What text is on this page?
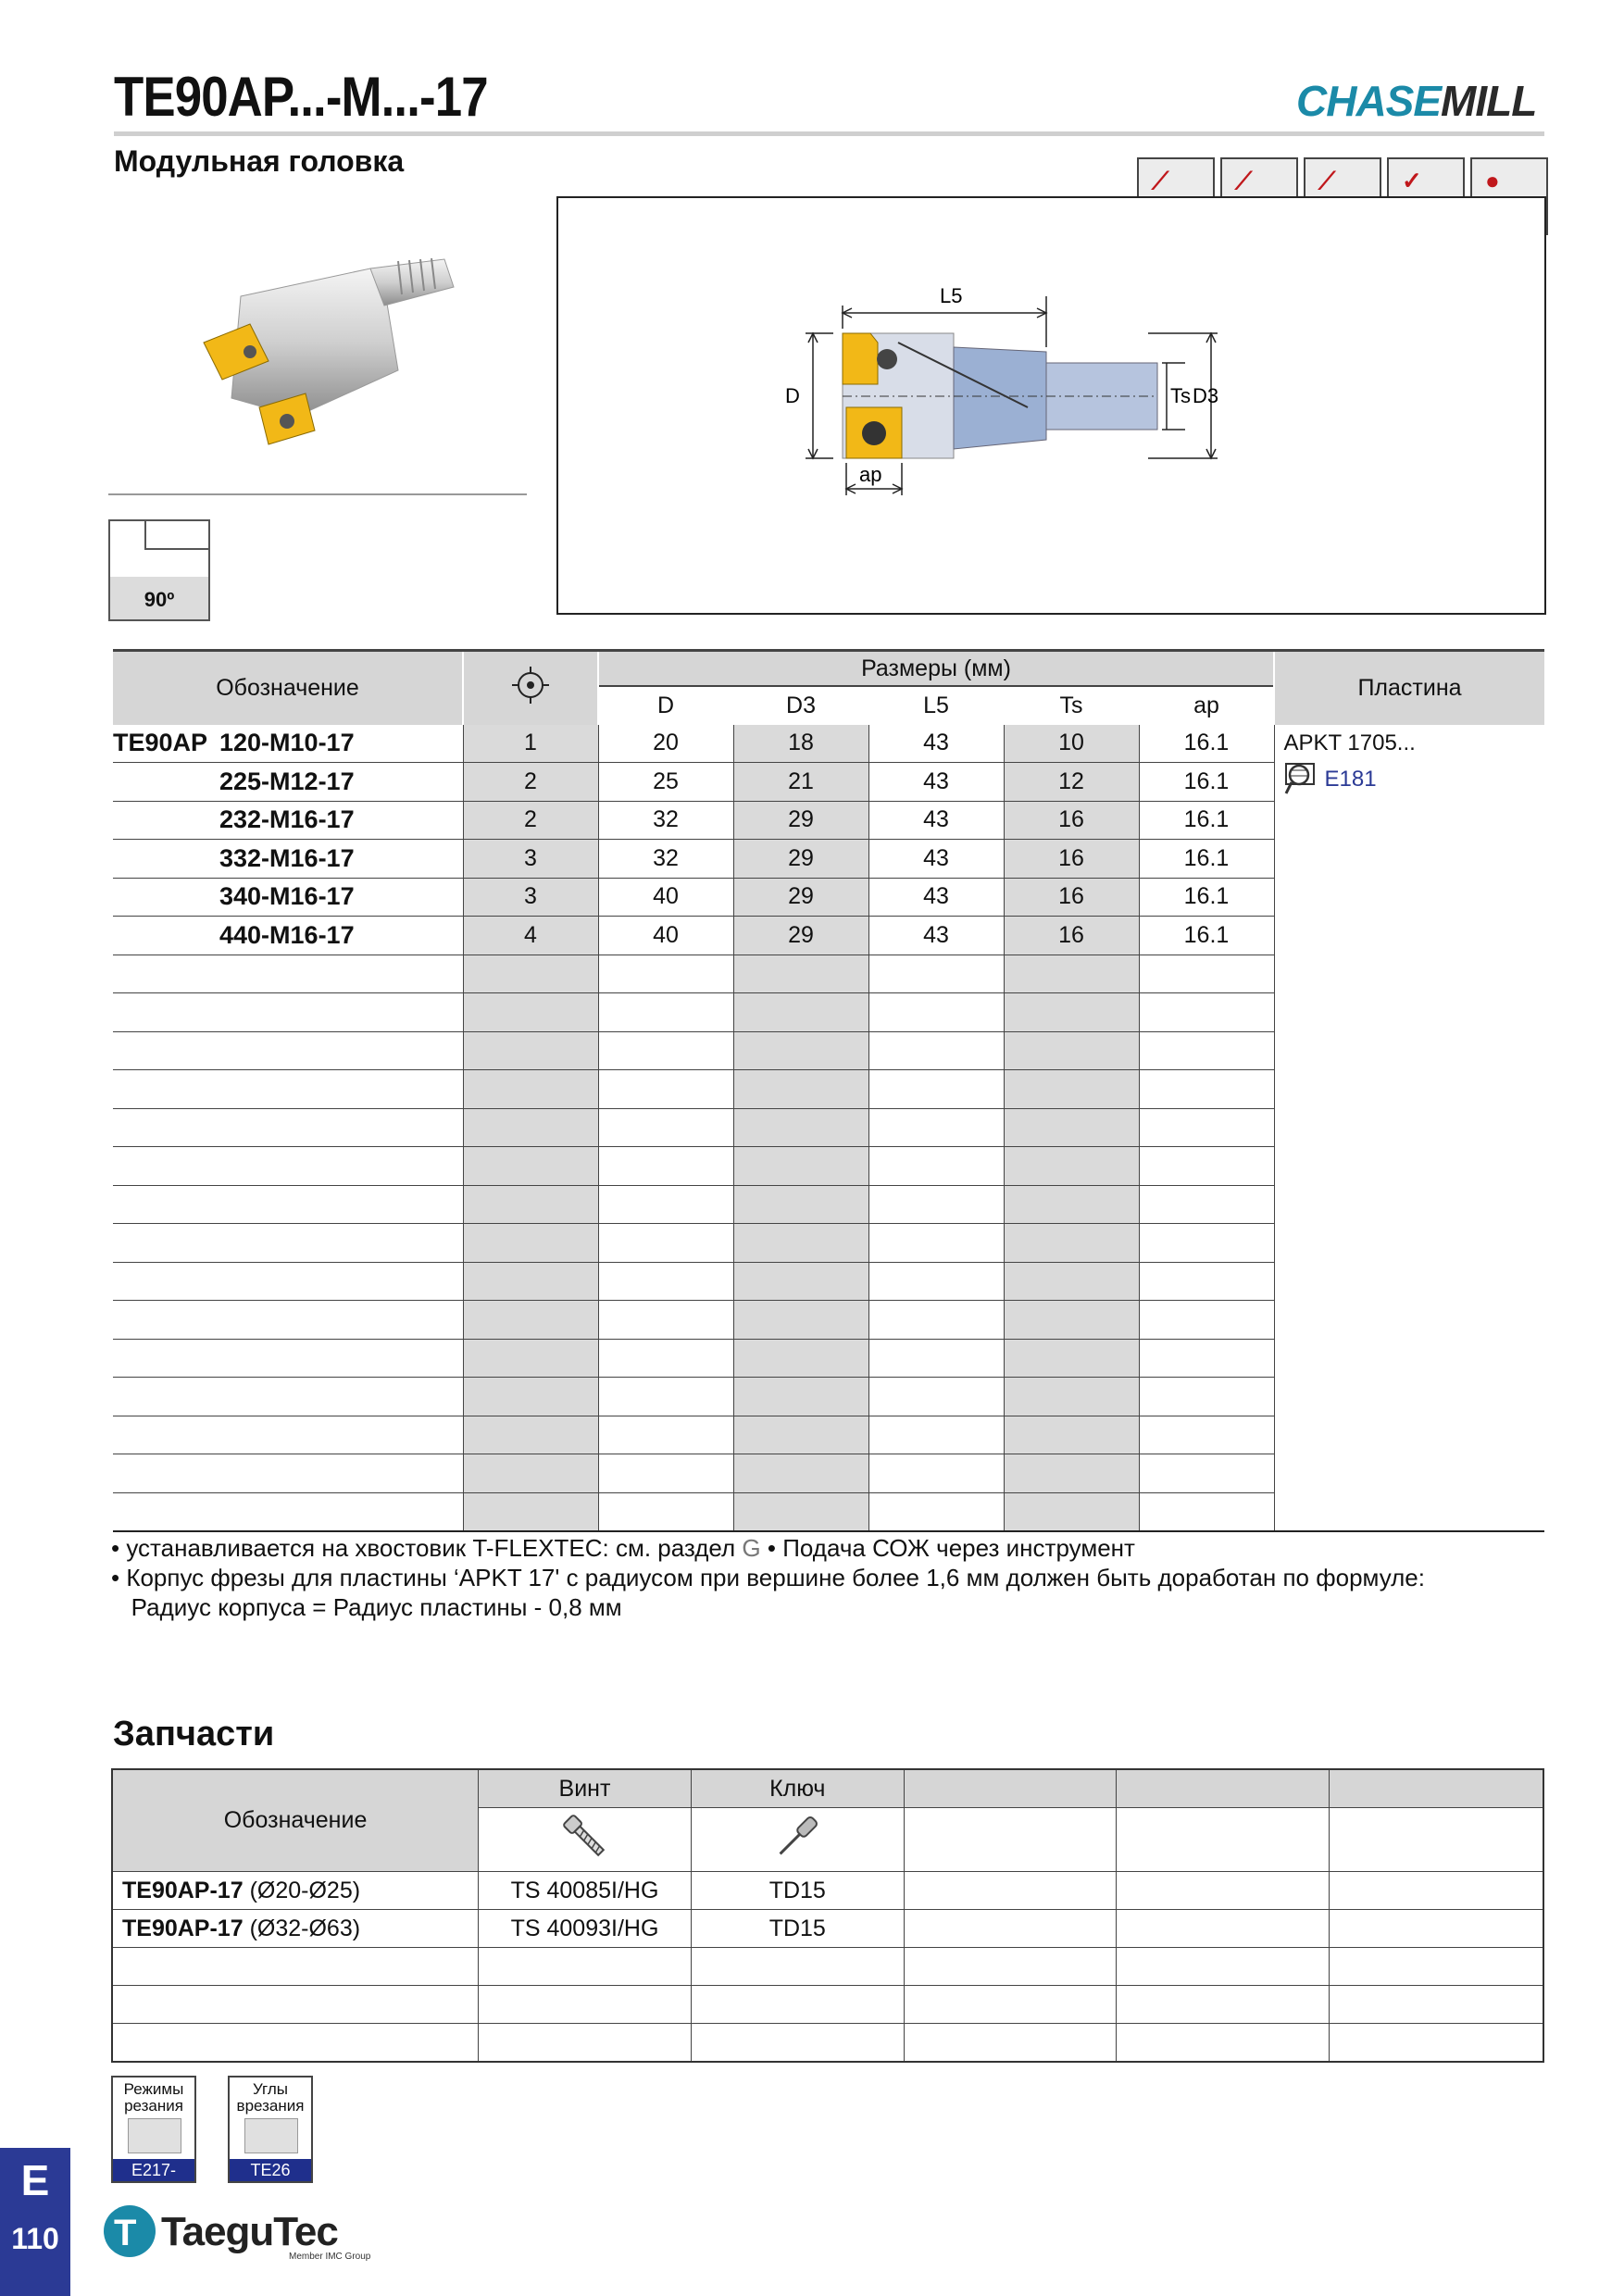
TE90AP...-M...-17
Модульная головка
CHASEMILL
⟋	⟋	⟋	✓	●
90º
L5
D	Ts D3
ap
Обозначение		Размеры (мм)					Пластина
		D	D3	L5	Ts	ap	
TE90AP 120-M10-17	1	20	18	43	10	16.1	APKT 1705...
E181

225-M12-17	2	25	21	43	12	16.1	
232-M16-17	2	32	29	43	16	16.1	
332-M16-17	3	32	29	43	16	16.1	
340-M16-17	3	40	29	43	16	16.1	
440-M16-17	4	40	29	43	16	16.1	

• устанавливается на хвостовик T-FLEXTEC: см. раздел G • Подача СОЖ через инструмент
• Корпус фрезы для пластины ‘APKT 17' с радиусом при вершине более 1,6 мм должен быть доработан по формуле:
Радиус корпуса = Радиус пластины - 0,8 мм
Запчасти
Обозначение	Винт	Ключ			

TE90AP-17 (Ø20-Ø25)	TS 40085I/HG	TD15			
TE90AP-17 (Ø32-Ø63)	TS 40093I/HG	TD15			

Режимы резания
E217-E219
Углы врезания
TE26
E
110	T TaeguTec
Member IMC Group
